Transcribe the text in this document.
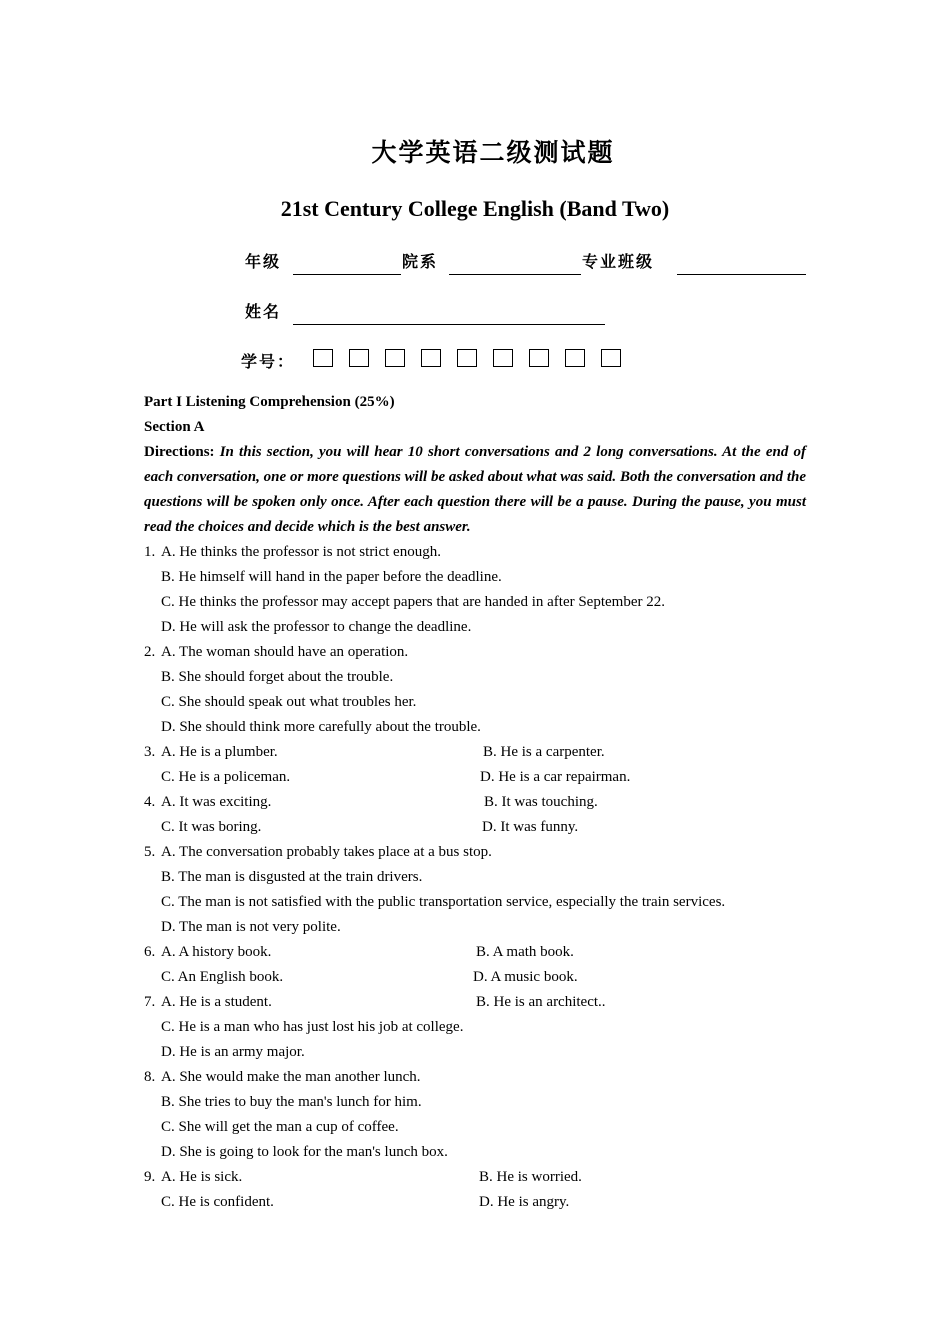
大学英语二级测试题
21st Century College English (Band Two)
年级	院系	专业班级
姓名
学号：
Part I Listening Comprehension (25%)
Section A
Directions: In this section, you will hear 10 short conversations and 2 long conversations. At the end of each conversation, one or more questions will be asked about what was said. Both the conversation and the questions will be spoken only once. After each question there will be a pause. During the pause, you must read the choices and decide which is the best answer.
1. A. He thinks the professor is not strict enough.
B. He himself will hand in the paper before the deadline.
C. He thinks the professor may accept papers that are handed in after September 22.
D. He will ask the professor to change the deadline.
2. A. The woman should have an operation.
B. She should forget about the trouble.
C. She should speak out what troubles her.
D. She should think more carefully about the trouble.
3. A. He is a plumber.	B. He is a carpenter.
C. He is a policeman.	D. He is a car repairman.
4. A. It was exciting.	B. It was touching.
C. It was boring.	D. It was funny.
5. A. The conversation probably takes place at a bus stop.
B. The man is disgusted at the train drivers.
C. The man is not satisfied with the public transportation service, especially the train services.
D. The man is not very polite.
6. A. A history book.	B. A math book.
C. An English book.	D. A music book.
7. A. He is a student.	B. He is an architect..
C. He is a man who has just lost his job at college.
D. He is an army major.
8. A. She would make the man another lunch.
B. She tries to buy the man's lunch for him.
C. She will get the man a cup of coffee.
D. She is going to look for the man's lunch box.
9. A. He is sick.	B. He is worried.
C. He is confident.	D. He is angry.
